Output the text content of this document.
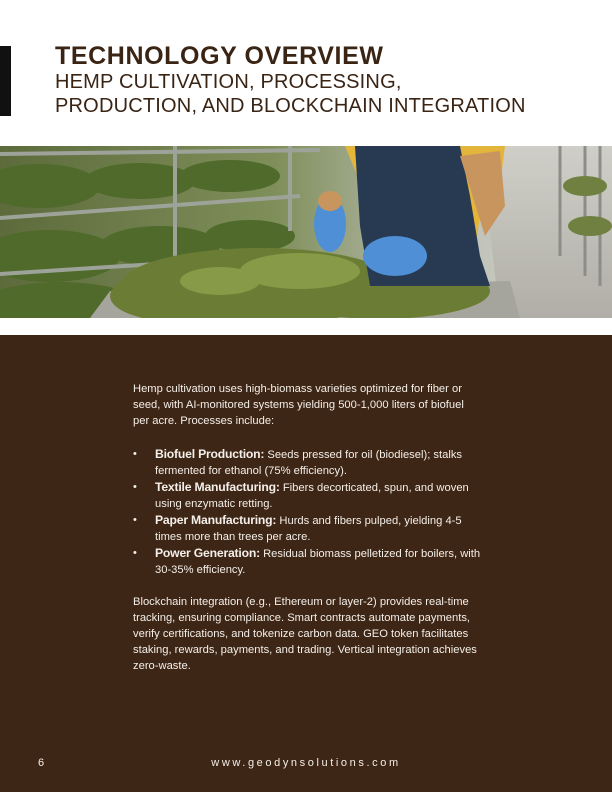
TECHNOLOGY OVERVIEW
HEMP CULTIVATION, PROCESSING,
PRODUCTION, AND BLOCKCHAIN INTEGRATION

Hemp cultivation uses high-biomass varieties optimized for fiber or seed, with AI-monitored systems yielding 500-1,000 liters of biofuel per acre. Processes include:

• Biofuel Production: Seeds pressed for oil (biodiesel); stalks fermented for ethanol (75% efficiency).
• Textile Manufacturing: Fibers decorticated, spun, and woven using enzymatic retting.
• Paper Manufacturing: Hurds and fibers pulped, yielding 4-5 times more than trees per acre.
• Power Generation: Residual biomass pelletized for boilers, with 30-35% efficiency.

Blockchain integration (e.g., Ethereum or layer-2) provides real-time tracking, ensuring compliance. Smart contracts automate payments, verify certifications, and tokenize carbon data. GEO token facilitates staking, rewards, payments, and trading. Vertical integration achieves zero-waste.

6	www.geodynsolutions.com
